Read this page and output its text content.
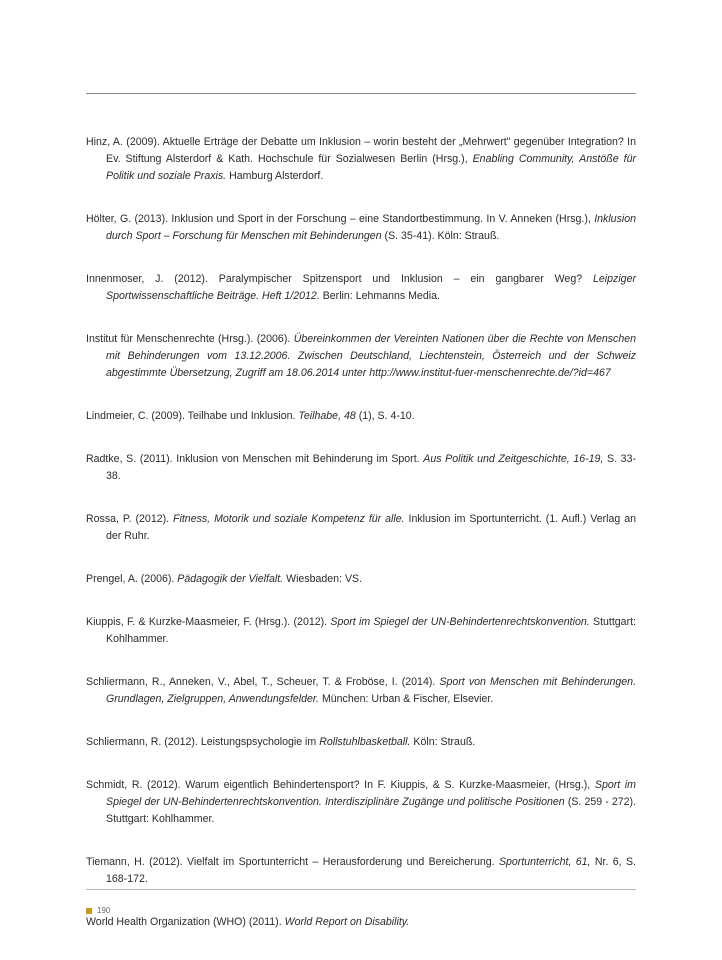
Hinz, A. (2009). Aktuelle Erträge der Debatte um Inklusion – worin besteht der „Mehrwert" gegenüber Integration? In Ev. Stiftung Alsterdorf & Kath. Hochschule für Sozialwesen Berlin (Hrsg.), Enabling Community, Anstöße für Politik und soziale Praxis. Hamburg Alsterdorf.

Hölter, G. (2013). Inklusion und Sport in der Forschung – eine Standortbestimmung. In V. Anneken (Hrsg.), Inklusion durch Sport – Forschung für Menschen mit Behinderungen (S. 35-41). Köln: Strauß.

Innenmoser, J. (2012). Paralympischer Spitzensport und Inklusion – ein gangbarer Weg? Leipziger Sportwissenschaftliche Beiträge. Heft 1/2012. Berlin: Lehmanns Media.

Institut für Menschenrechte (Hrsg.). (2006). Übereinkommen der Vereinten Nationen über die Rechte von Menschen mit Behinderungen vom 13.12.2006. Zwischen Deutschland, Liechtenstein, Österreich und der Schweiz abgestimmte Übersetzung, Zugriff am 18.06.2014 unter http://www.institut-fuer-menschenrechte.de/?id=467

Lindmeier, C. (2009). Teilhabe und Inklusion. Teilhabe, 48 (1), S. 4-10.

Radtke, S. (2011). Inklusion von Menschen mit Behinderung im Sport. Aus Politik und Zeitgeschichte, 16-19, S. 33-38.

Rossa, P. (2012). Fitness, Motorik und soziale Kompetenz für alle. Inklusion im Sportunterricht. (1. Aufl.) Verlag an der Ruhr.

Prengel, A. (2006). Pädagogik der Vielfalt. Wiesbaden: VS.

Kiuppis, F. & Kurzke-Maasmeier, F. (Hrsg.). (2012). Sport im Spiegel der UN-Behindertenrechtskonvention. Stuttgart: Kohlhammer.

Schliermann, R., Anneken, V., Abel, T., Scheuer, T. & Froböse, I. (2014). Sport von Menschen mit Behinderungen. Grundlagen, Zielgruppen, Anwendungsfelder. München: Urban & Fischer, Elsevier.

Schliermann, R. (2012). Leistungspsychologie im Rollstuhlbasketball. Köln: Strauß.

Schmidt, R. (2012). Warum eigentlich Behindertensport? In F. Kiuppis, & S. Kurzke-Maasmeier, (Hrsg.), Sport im Spiegel der UN-Behindertenrechtskonvention. Interdisziplinäre Zugänge und politische Positionen (S. 259 - 272). Stuttgart: Kohlhammer.

Tiemann, H. (2012). Vielfalt im Sportunterricht – Herausforderung und Bereicherung. Sportunterricht, 61, Nr. 6, S. 168-172.

World Health Organization (WHO) (2011). World Report on Disability.

190
